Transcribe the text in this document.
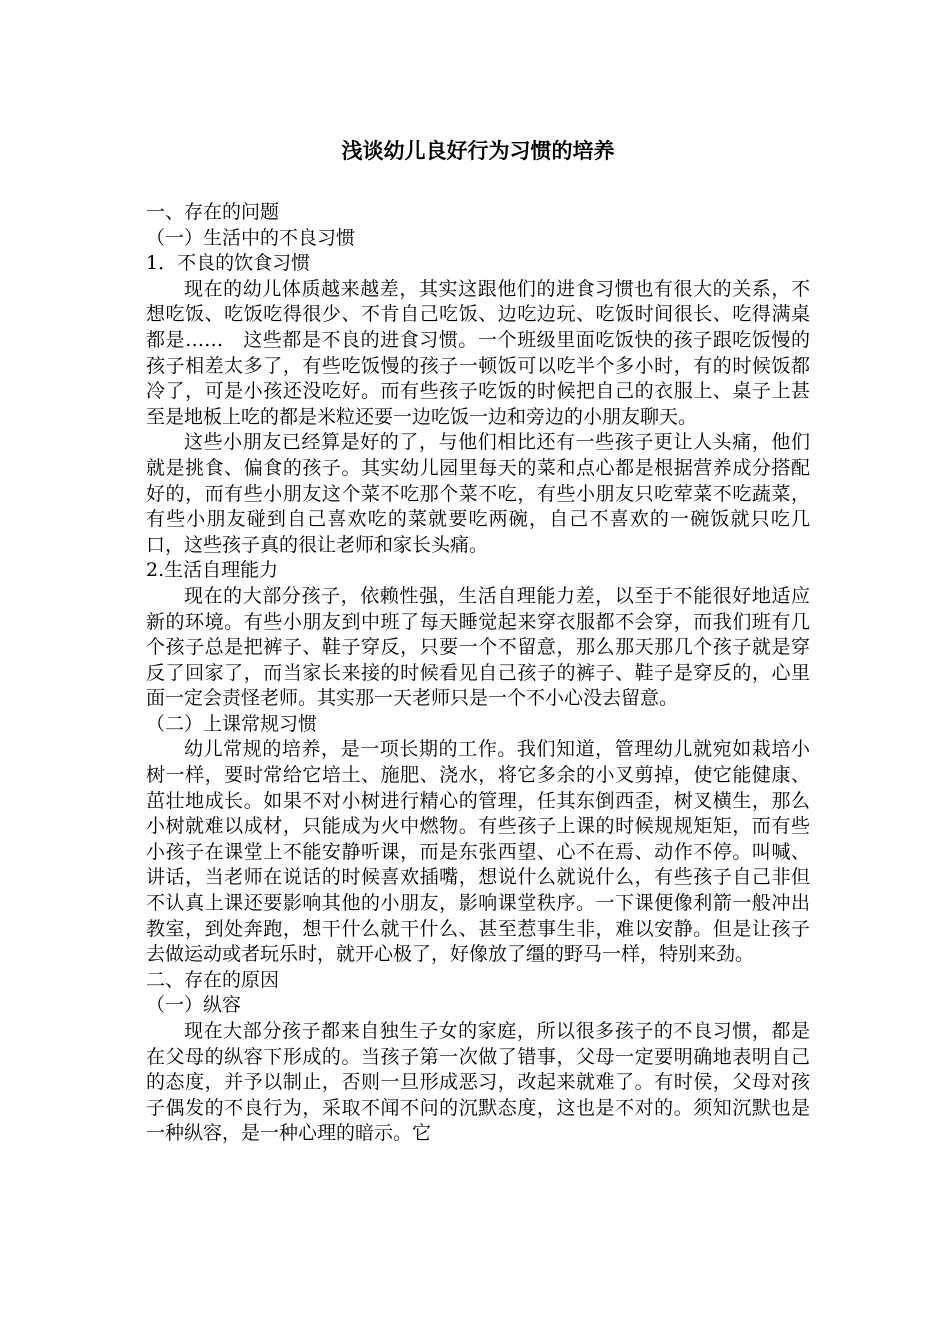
浅谈幼儿良好行为习惯的培养

一、存在的问题

（一）生活中的不良习惯

1．不良的饮食习惯

现在的幼儿体质越来越差，其实这跟他们的进食习惯也有很大的关系，不想吃饭、吃饭吃得很少、不肯自己吃饭、边吃边玩、吃饭时间很长、吃得满桌都是……　这些都是不良的进食习惯。一个班级里面吃饭快的孩子跟吃饭慢的孩子相差太多了，有些吃饭慢的孩子一顿饭可以吃半个多小时，有的时候饭都冷了，可是小孩还没吃好。而有些孩子吃饭的时候把自己的衣服上、桌子上甚至是地板上吃的都是米粒还要一边吃饭一边和旁边的小朋友聊天。

这些小朋友已经算是好的了，与他们相比还有一些孩子更让人头痛，他们就是挑食、偏食的孩子。其实幼儿园里每天的菜和点心都是根据营养成分搭配好的，而有些小朋友这个菜不吃那个菜不吃，有些小朋友只吃荤菜不吃蔬菜，有些小朋友碰到自己喜欢吃的菜就要吃两碗，自己不喜欢的一碗饭就只吃几口，这些孩子真的很让老师和家长头痛。

2.生活自理能力

现在的大部分孩子，依赖性强，生活自理能力差，以至于不能很好地适应新的环境。有些小朋友到中班了每天睡觉起来穿衣服都不会穿，而我们班有几个孩子总是把裤子、鞋子穿反，只要一个不留意，那么那天那几个孩子就是穿反了回家了，而当家长来接的时候看见自己孩子的裤子、鞋子是穿反的，心里面一定会责怪老师。其实那一天老师只是一个不小心没去留意。

（二）上课常规习惯

幼儿常规的培养，是一项长期的工作。我们知道，管理幼儿就宛如栽培小树一样，要时常给它培土、施肥、浇水，将它多余的小叉剪掉，使它能健康、茁壮地成长。如果不对小树进行精心的管理，任其东倒西歪，树叉横生，那么小树就难以成材，只能成为火中燃物。有些孩子上课的时候规规矩矩，而有些小孩子在课堂上不能安静听课，而是东张西望、心不在焉、动作不停。叫喊、讲话，当老师在说话的时候喜欢插嘴，想说什么就说什么，有些孩子自己非但不认真上课还要影响其他的小朋友，影响课堂秩序。一下课便像利箭一般冲出教室，到处奔跑，想干什么就干什么、甚至惹事生非，难以安静。但是让孩子去做运动或者玩乐时，就开心极了，好像放了缰的野马一样，特别来劲。

二、存在的原因

（一）纵容

现在大部分孩子都来自独生子女的家庭，所以很多孩子的不良习惯，都是在父母的纵容下形成的。当孩子第一次做了错事，父母一定要明确地表明自己的态度，并予以制止，否则一旦形成恶习，改起来就难了。有时侯，父母对孩子偶发的不良行为，采取不闻不问的沉默态度，这也是不对的。须知沉默也是一种纵容，是一种心理的暗示。它
